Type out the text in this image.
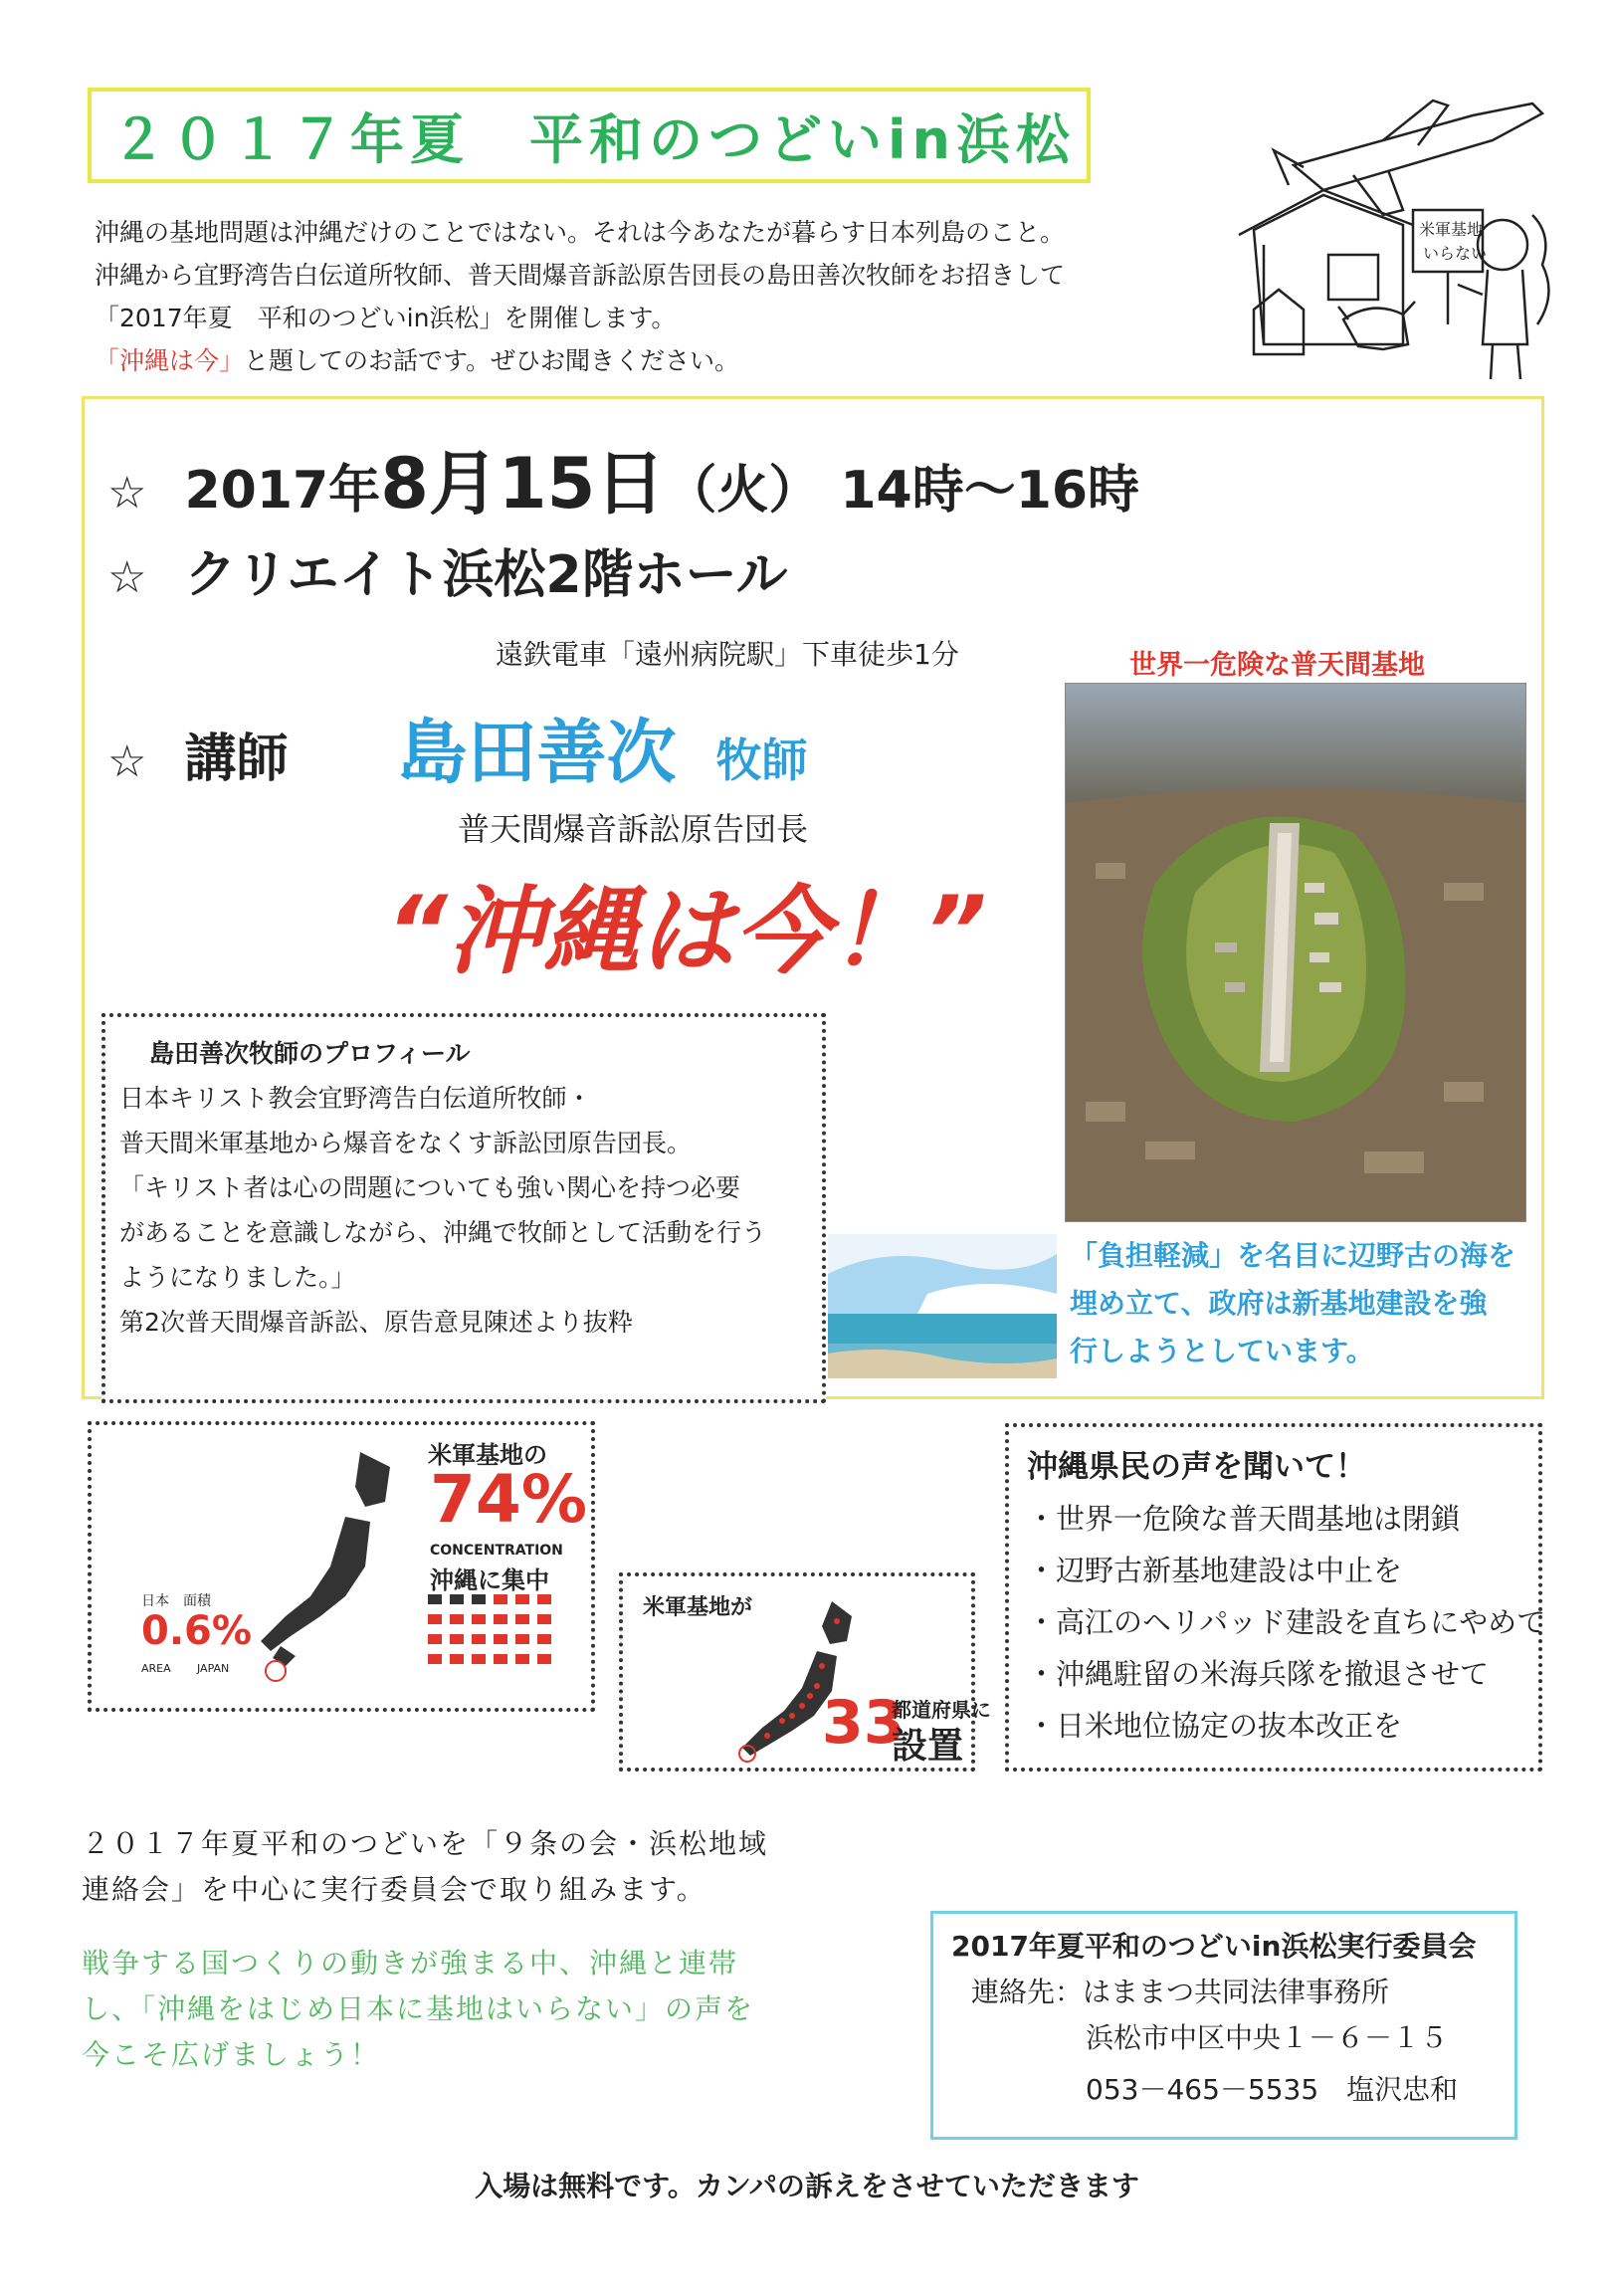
２０１７年夏　平和のつどいin浜松
米軍基地
いらない
沖縄の基地問題は沖縄だけのことではない。それは今あなたが暮らす日本列島のこと。
沖縄から宜野湾告白伝道所牧師、普天間爆音訴訟原告団長の島田善次牧師をお招きして
「2017年夏　平和のつどいin浜松」を開催します。
「沖縄は今」と題してのお話です。ぜひお聞きください。
☆ 2017年 8月15日 （火） 14時～16時
☆ クリエイト浜松2階ホール
遠鉄電車「遠州病院駅」下車徒歩1分
☆ 講師 島田善次 牧師
普天間爆音訴訟原告団長
“沖縄は今！”
世界一危険な普天間基地
「負担軽減」を名目に辺野古の海を
埋め立て、政府は新基地建設を強
行しようとしています。
島田善次牧師のプロフィール
日本キリスト教会宜野湾告白伝道所牧師・
普天間米軍基地から爆音をなくす訴訟団原告団長。
「キリスト者は心の問題についても強い関心を持つ必要
があることを意識しながら、沖縄で牧師として活動を行う
ようになりました。」
第2次普天間爆音訴訟、原告意見陳述より抜粋
米軍基地の
74%
CONCENTRATION
沖縄に集中
日本　面積
0.6%
AREA JAPAN
米軍基地が
33
都道府県に
設置
沖縄県民の声を聞いて！
・世界一危険な普天間基地は閉鎖
・辺野古新基地建設は中止を
・高江のヘリパッド建設を直ちにやめて
・沖縄駐留の米海兵隊を撤退させて
・日米地位協定の抜本改正を
２０１７年夏平和のつどいを「９条の会・浜松地域
連絡会」を中心に実行委員会で取り組みます。
戦争する国つくりの動きが強まる中、沖縄と連帯
し、「沖縄をはじめ日本に基地はいらない」の声を
今こそ広げましょう！
2017年夏平和のつどいin浜松実行委員会
連絡先：はままつ共同法律事務所
浜松市中区中央１－６－１５
053－465－5535　塩沢忠和
入場は無料です。カンパの訴えをさせていただきます
